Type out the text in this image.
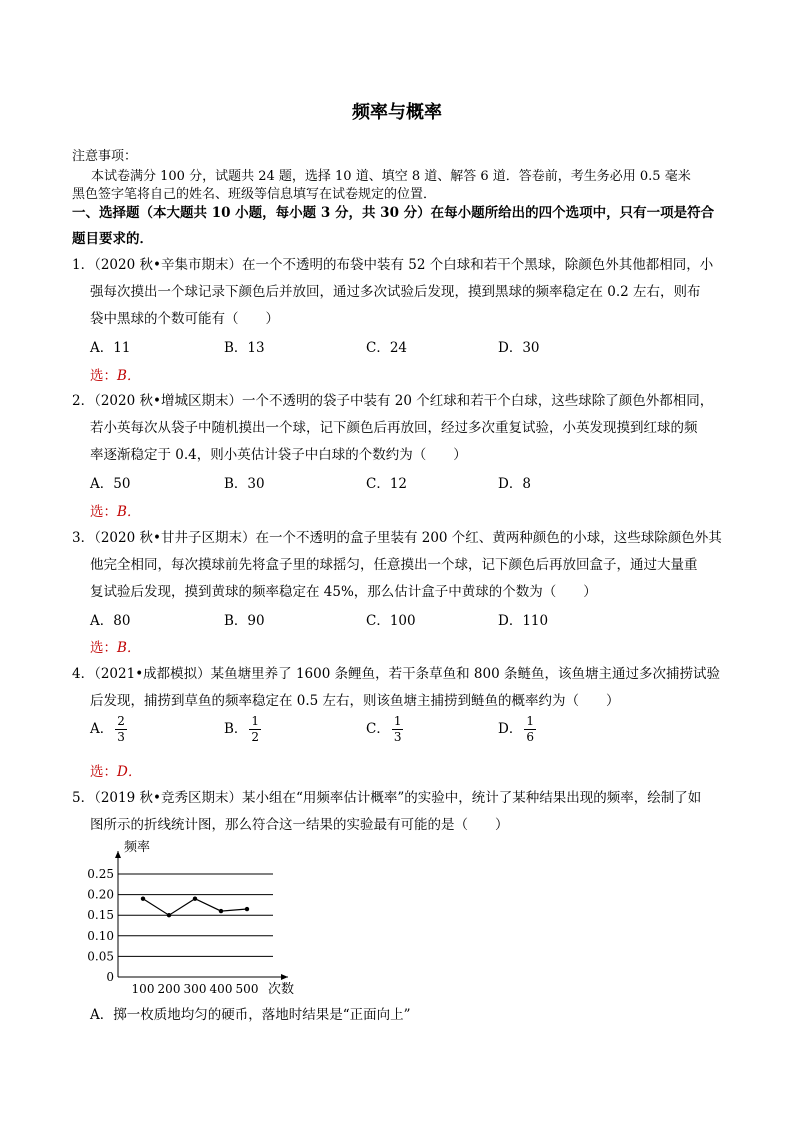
频率与概率
注意事项：
本试卷满分 100 分，试题共 24 题，选择 10 道、填空 8 道、解答 6 道．答卷前，考生务必用 0.5 毫米
黑色签字笔将自己的姓名、班级等信息填写在试卷规定的位置．
一、选择题（本大题共 10 小题，每小题 3 分，共 30 分）在每小题所给出的四个选项中，只有一项是符合
题目要求的．
1．（2020 秋•辛集市期末）在一个不透明的布袋中装有 52 个白球和若干个黑球，除颜色外其他都相同，小
强每次摸出一个球记录下颜色后并放回，通过多次试验后发现，摸到黑球的频率稳定在 0.2 左右，则布
袋中黑球的个数可能有（　　）
A．11	B．13	C．24	D．30
选：B．
2．（2020 秋•增城区期末）一个不透明的袋子中装有 20 个红球和若干个白球，这些球除了颜色外都相同，
若小英每次从袋子中随机摸出一个球，记下颜色后再放回，经过多次重复试验，小英发现摸到红球的频
率逐渐稳定于 0.4，则小英估计袋子中白球的个数约为（　　）
A．50	B．30	C．12	D．8
选：B．
3．（2020 秋•甘井子区期末）在一个不透明的盒子里装有 200 个红、黄两种颜色的小球，这些球除颜色外其
他完全相同，每次摸球前先将盒子里的球摇匀，任意摸出一个球，记下颜色后再放回盒子，通过大量重
复试验后发现，摸到黄球的频率稳定在 45%，那么估计盒子中黄球的个数为（　　）
A．80	B．90	C．100	D．110
选：B．
4．（2021•成都模拟）某鱼塘里养了 1600 条鲤鱼，若干条草鱼和 800 条鲢鱼，该鱼塘主通过多次捕捞试验
后发现，捕捞到草鱼的频率稳定在 0.5 左右，则该鱼塘主捕捞到鲢鱼的概率约为（　　）
A． $\frac{2}{3}$	B． $\frac{1}{2}$	C． $\frac{1}{3}$	D． $\frac{1}{6}$
选：D．
5．（2019 秋•竞秀区期末）某小组在“用频率估计概率”的实验中，统计了某种结果出现的频率，绘制了如
图所示的折线统计图，那么符合这一结果的实验最有可能的是（　　）
0
0.05
0.10
0.15
0.20
0.25
100 200 300 400 500
频率
次数
A．掷一枚质地均匀的硬币，落地时结果是“正面向上”
